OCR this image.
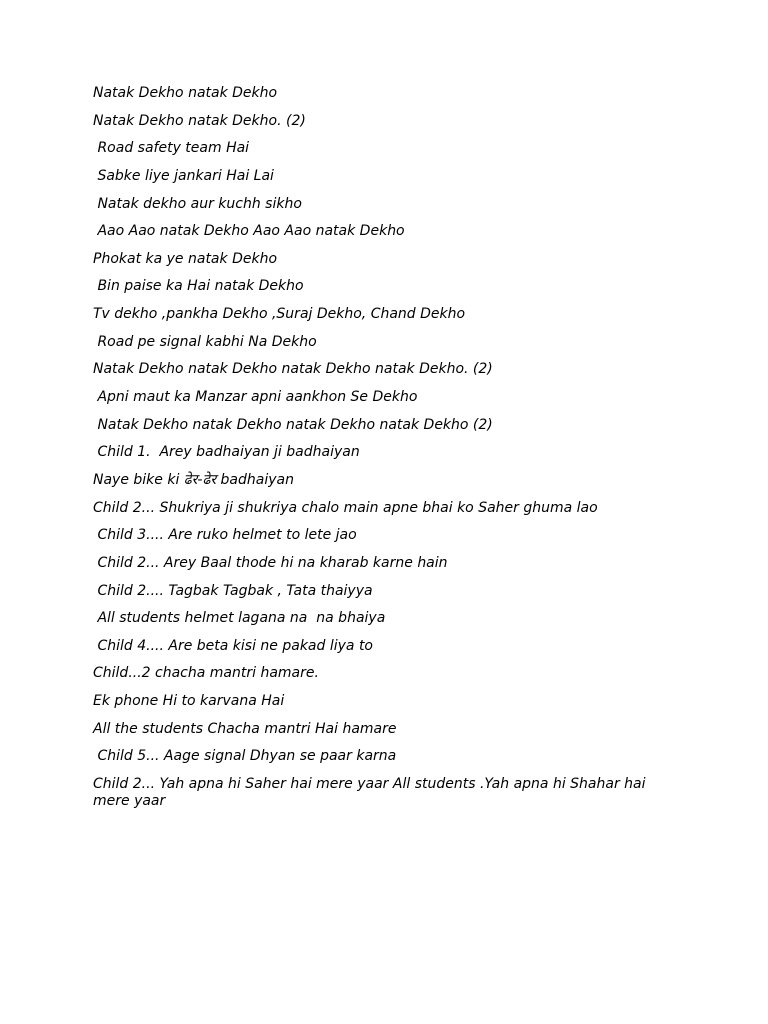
Natak Dekho natak Dekho

Natak Dekho natak Dekho. (2)

Road safety team Hai

Sabke liye jankari Hai Lai

Natak dekho aur kuchh sikho

Aao Aao natak Dekho Aao Aao natak Dekho

Phokat ka ye natak Dekho

Bin paise ka Hai natak Dekho

Tv dekho ,pankha Dekho ,Suraj Dekho, Chand Dekho

Road pe signal kabhi Na Dekho

Natak Dekho natak Dekho natak Dekho natak Dekho. (2)

Apni maut ka Manzar apni aankhon Se Dekho

Natak Dekho natak Dekho natak Dekho natak Dekho (2)

Child 1.  Arey badhaiyan ji badhaiyan

Naye bike ki ढेर-ढेर badhaiyan

Child 2... Shukriya ji shukriya chalo main apne bhai ko Saher ghuma lao

Child 3.... Are ruko helmet to lete jao

Child 2... Arey Baal thode hi na kharab karne hain

Child 2.... Tagbak Tagbak , Tata thaiyya

All students helmet lagana na  na bhaiya

Child 4.... Are beta kisi ne pakad liya to

Child...2 chacha mantri hamare.

Ek phone Hi to karvana Hai

All the students Chacha mantri Hai hamare

Child 5... Aage signal Dhyan se paar karna

Child 2... Yah apna hi Saher hai mere yaar All students .Yah apna hi Shahar hai mere yaar
